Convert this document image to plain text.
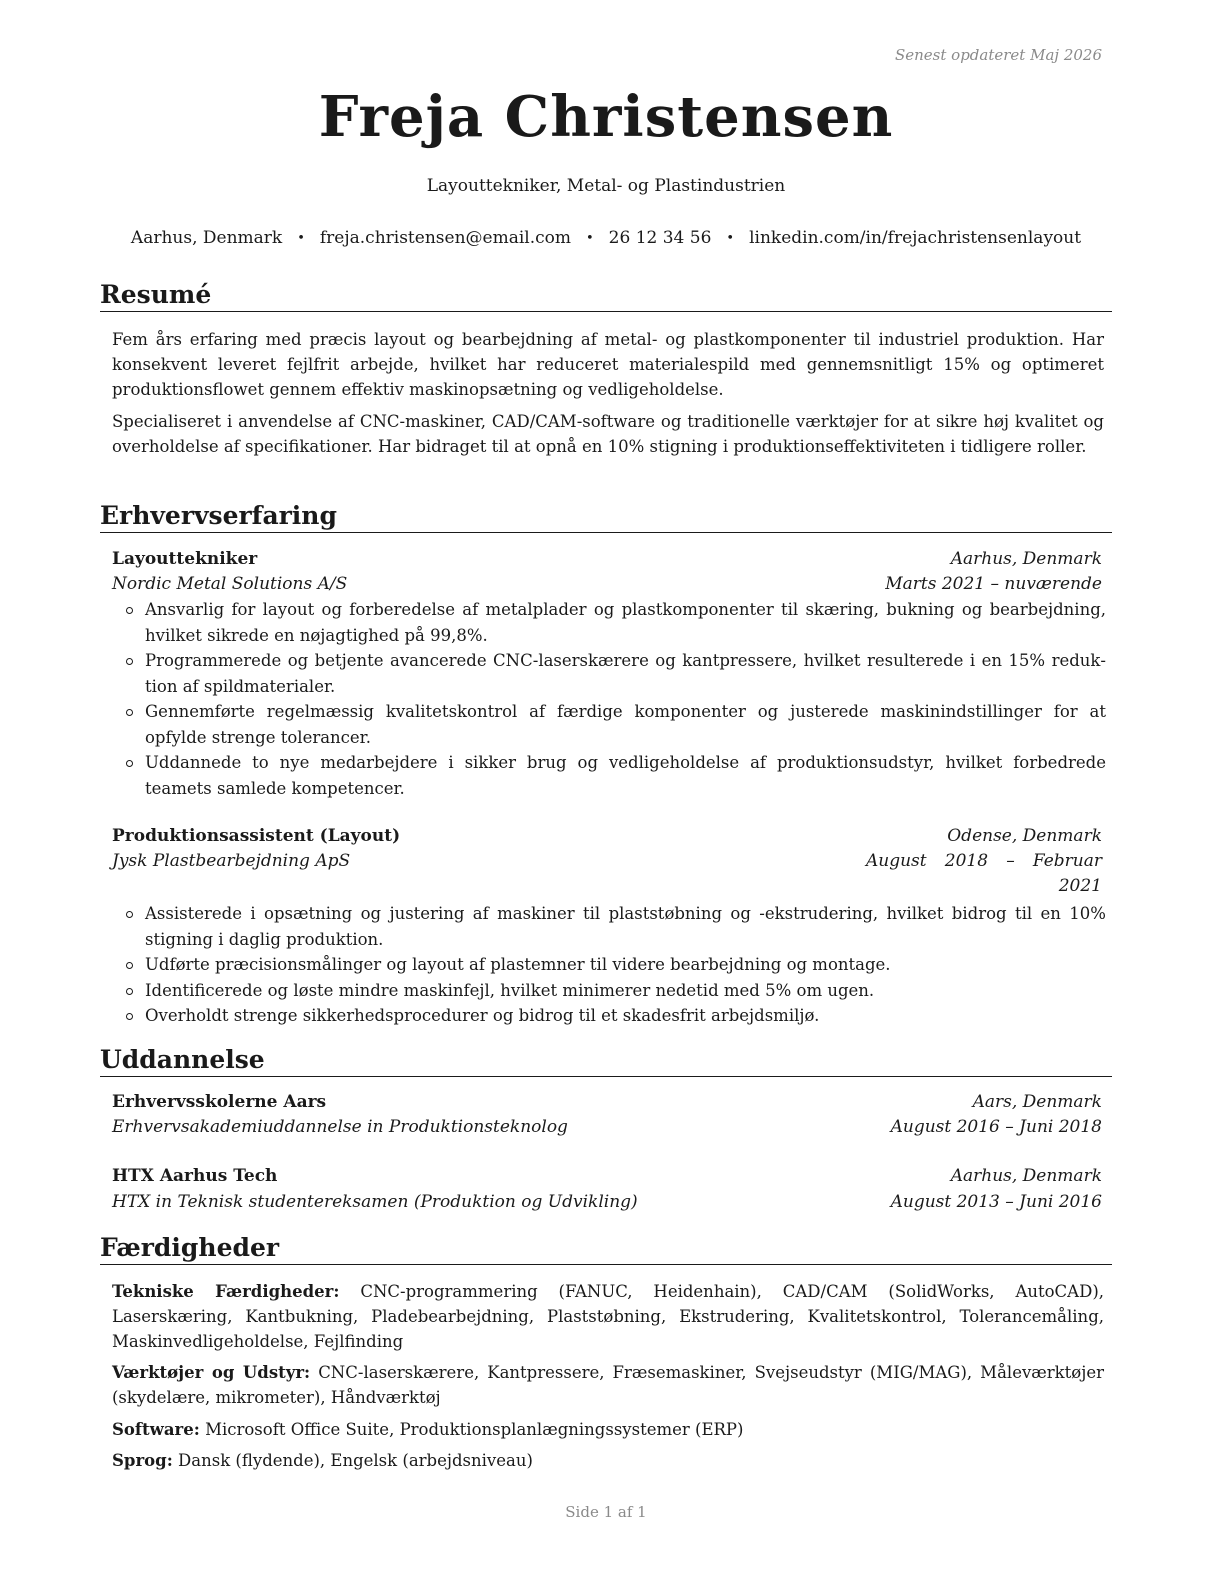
Senest opdateret Maj 2026
Freja Christensen
Layouttekniker, Metal- og Plastindustrien
Aarhus, Denmark • freja.christensen@email.com • 26 12 34 56 • linkedin.com/in/frejachristensenlayout
Resumé
Fem års erfaring med præcis layout og bearbejdning af metal- og plastkomponenter til industriel produktion. Har konsekvent leveret fejlfrit arbejde, hvilket har reduceret materialespild med gennemsnitligt 15% og optimeret produktionsflowet gennem effektiv maskinopsætning og vedligeholdelse.
Specialiseret i anvendelse af CNC-maskiner, CAD/CAM-software og traditionelle værktøjer for at sikre høj kvalitet og overholdelse af specifikationer. Har bidraget til at opnå en 10% stigning i produktionseffektiviteten i tidligere roller.
Erhvervserfaring
Layouttekniker	Aarhus, Denmark
Nordic Metal Solutions A/S	Marts 2021 – nuværende
Ansvarlig for layout og forberedelse af metalplader og plastkomponenter til skæring, bukning og bearbejdning, hvilket sikrede en nøjagtighed på 99,8%.
Programmerede og betjente avancerede CNC-laserskærere og kantpressere, hvilket resulterede i en 15% reduktion af spildmaterialer.
Gennemførte regelmæssig kvalitetskontrol af færdige komponenter og justerede maskinindstillinger for at opfylde strenge tolerancer.
Uddannede to nye medarbejdere i sikker brug og vedligeholdelse af produktionsudstyr, hvilket forbedrede teamets samlede kompetencer.
Produktionsassistent (Layout)	Odense, Denmark
Jysk Plastbearbejdning ApS	August 2018 – Februar 2021
Assisterede i opsætning og justering af maskiner til plaststøbning og -ekstrudering, hvilket bidrog til en 10% stigning i daglig produktion.
Udførte præcisionsmålinger og layout af plastemner til videre bearbejdning og montage.
Identificerede og løste mindre maskinfejl, hvilket minimerer nedetid med 5% om ugen.
Overholdt strenge sikkerhedsprocedurer og bidrog til et skadesfrit arbejdsmiljø.
Uddannelse
Erhvervsskolerne Aars	Aars, Denmark
Erhvervsakademiuddannelse in Produktionsteknolog	August 2016 – Juni 2018
HTX Aarhus Tech	Aarhus, Denmark
HTX in Teknisk studentereksamen (Produktion og Udvikling)	August 2013 – Juni 2016
Færdigheder
Tekniske Færdigheder: CNC-programmering (FANUC, Heidenhain), CAD/CAM (SolidWorks, AutoCAD), Laserskæring, Kantbukning, Pladebearbejdning, Plaststøbning, Ekstrudering, Kvalitetskontrol, Tolerancemåling, Maskinvedligeholdelse, Fejlfinding
Værktøjer og Udstyr: CNC-laserskærere, Kantpressere, Fræsemaskiner, Svejseudstyr (MIG/MAG), Måleværktøjer (skydelære, mikrometer), Håndværktøj
Software: Microsoft Office Suite, Produktionsplanlægningssystemer (ERP)
Sprog: Dansk (flydende), Engelsk (arbejdsniveau)
Side 1 af 1
